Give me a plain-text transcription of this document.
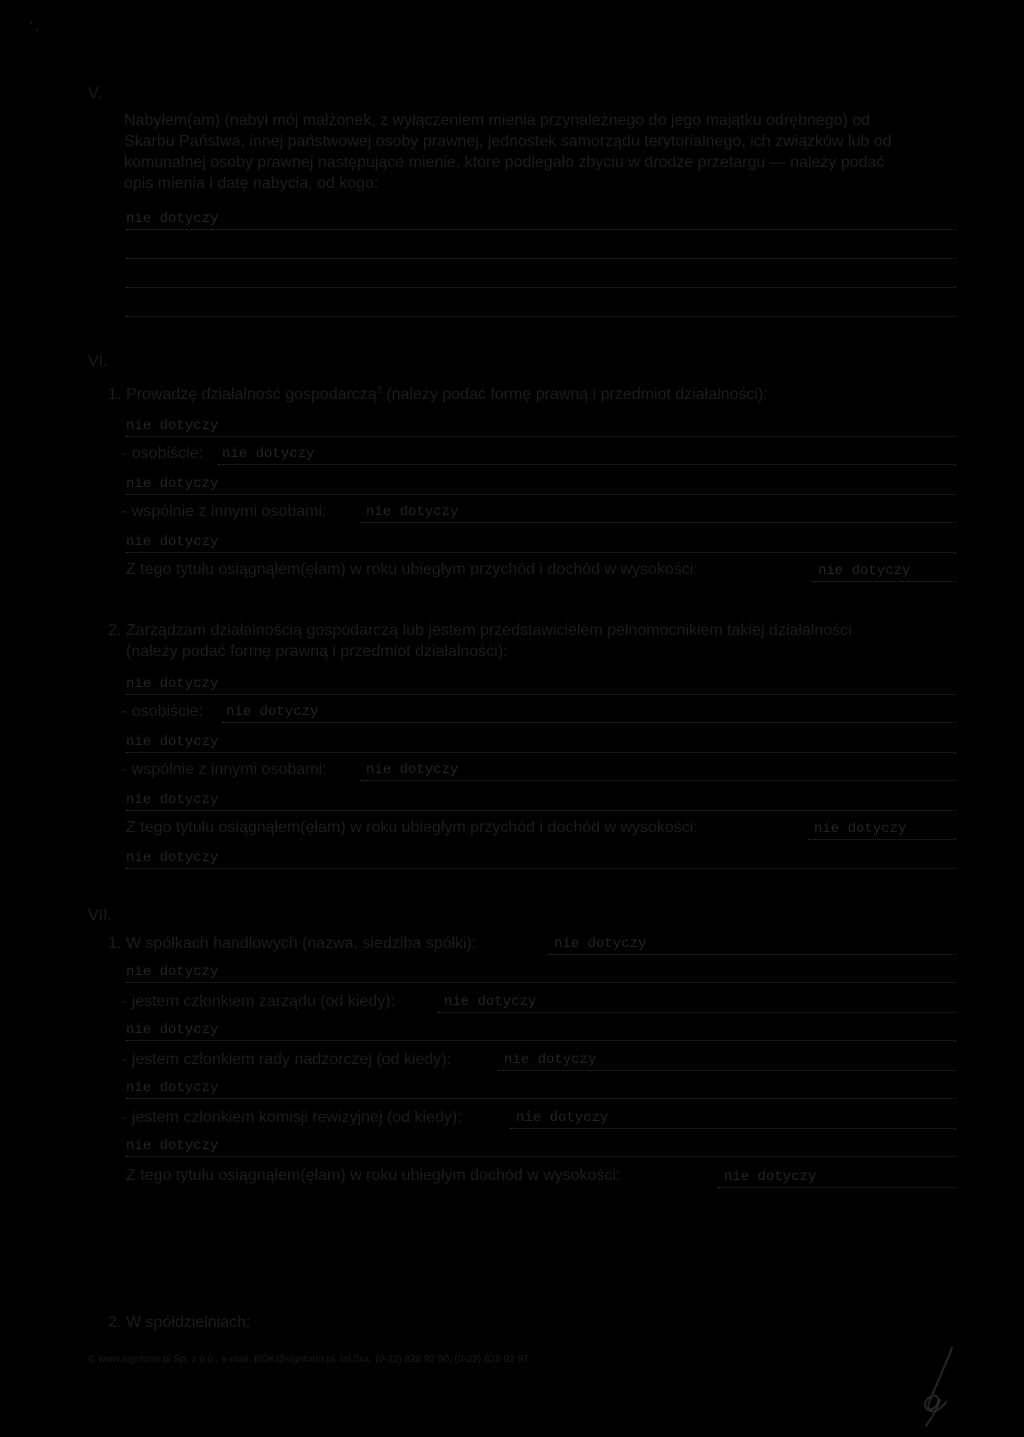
' ,
V.
Nabyłem(am) (nabył mój małżonek, z wyłączeniem mienia przynależnego do jego majątku odrębnego) od Skarbu Państwa, innej państwowej osoby prawnej, jednostek samorządu terytorialnego, ich związków lub od komunalnej osoby prawnej następujące mienie, które podlegało zbyciu w drodze przetargu — należy podać opis mienia i datę nabycia, od kogo:
nie dotyczy
VI.
1. Prowadzę działalność gospodarczą$^2$ (należy podać formę prawną i przedmiot działalności):
nie dotyczy
- osobiście: nie dotyczy
nie dotyczy
- wspólnie z innymi osobami:	nie dotyczy
nie dotyczy
Z tego tytułu osiągnąłem(ęłam) w roku ubiegłym przychód i dochód w wysokości:	nie dotyczy
2. Zarządzam działalnością gospodarczą lub jestem przedstawicielem pełnomocnikiem takiej działalności (należy podać formę prawną i przedmiot działalności):
nie dotyczy
- osobiście: nie dotyczy
nie dotyczy
- wspólnie z innymi osobami:	nie dotyczy
nie dotyczy
Z tego tytułu osiągnąłem(ęłam) w roku ubiegłym przychód i dochód w wysokości:	nie dotyczy
nie dotyczy
VII.
1. W spółkach handlowych (nazwa, siedziba spółki):	nie dotyczy
nie dotyczy
- jestem członkiem zarządu (od kiedy):	nie dotyczy
nie dotyczy
- jestem członkiem rady nadzorczej (od kiedy):	nie dotyczy
nie dotyczy
- jestem członkiem komisji rewizyjnej (od kiedy):	nie dotyczy
nie dotyczy
Z tego tytułu osiągnąłem(ęłam) w roku ubiegłym dochód w wysokości:	nie dotyczy
2. W spółdzielniach:
© www.signform.pl Sp. z o.o., e-mail: BOK@signform.pl, tel./fax. (0-22) 828 92 90, (0-22) 828 92 97
